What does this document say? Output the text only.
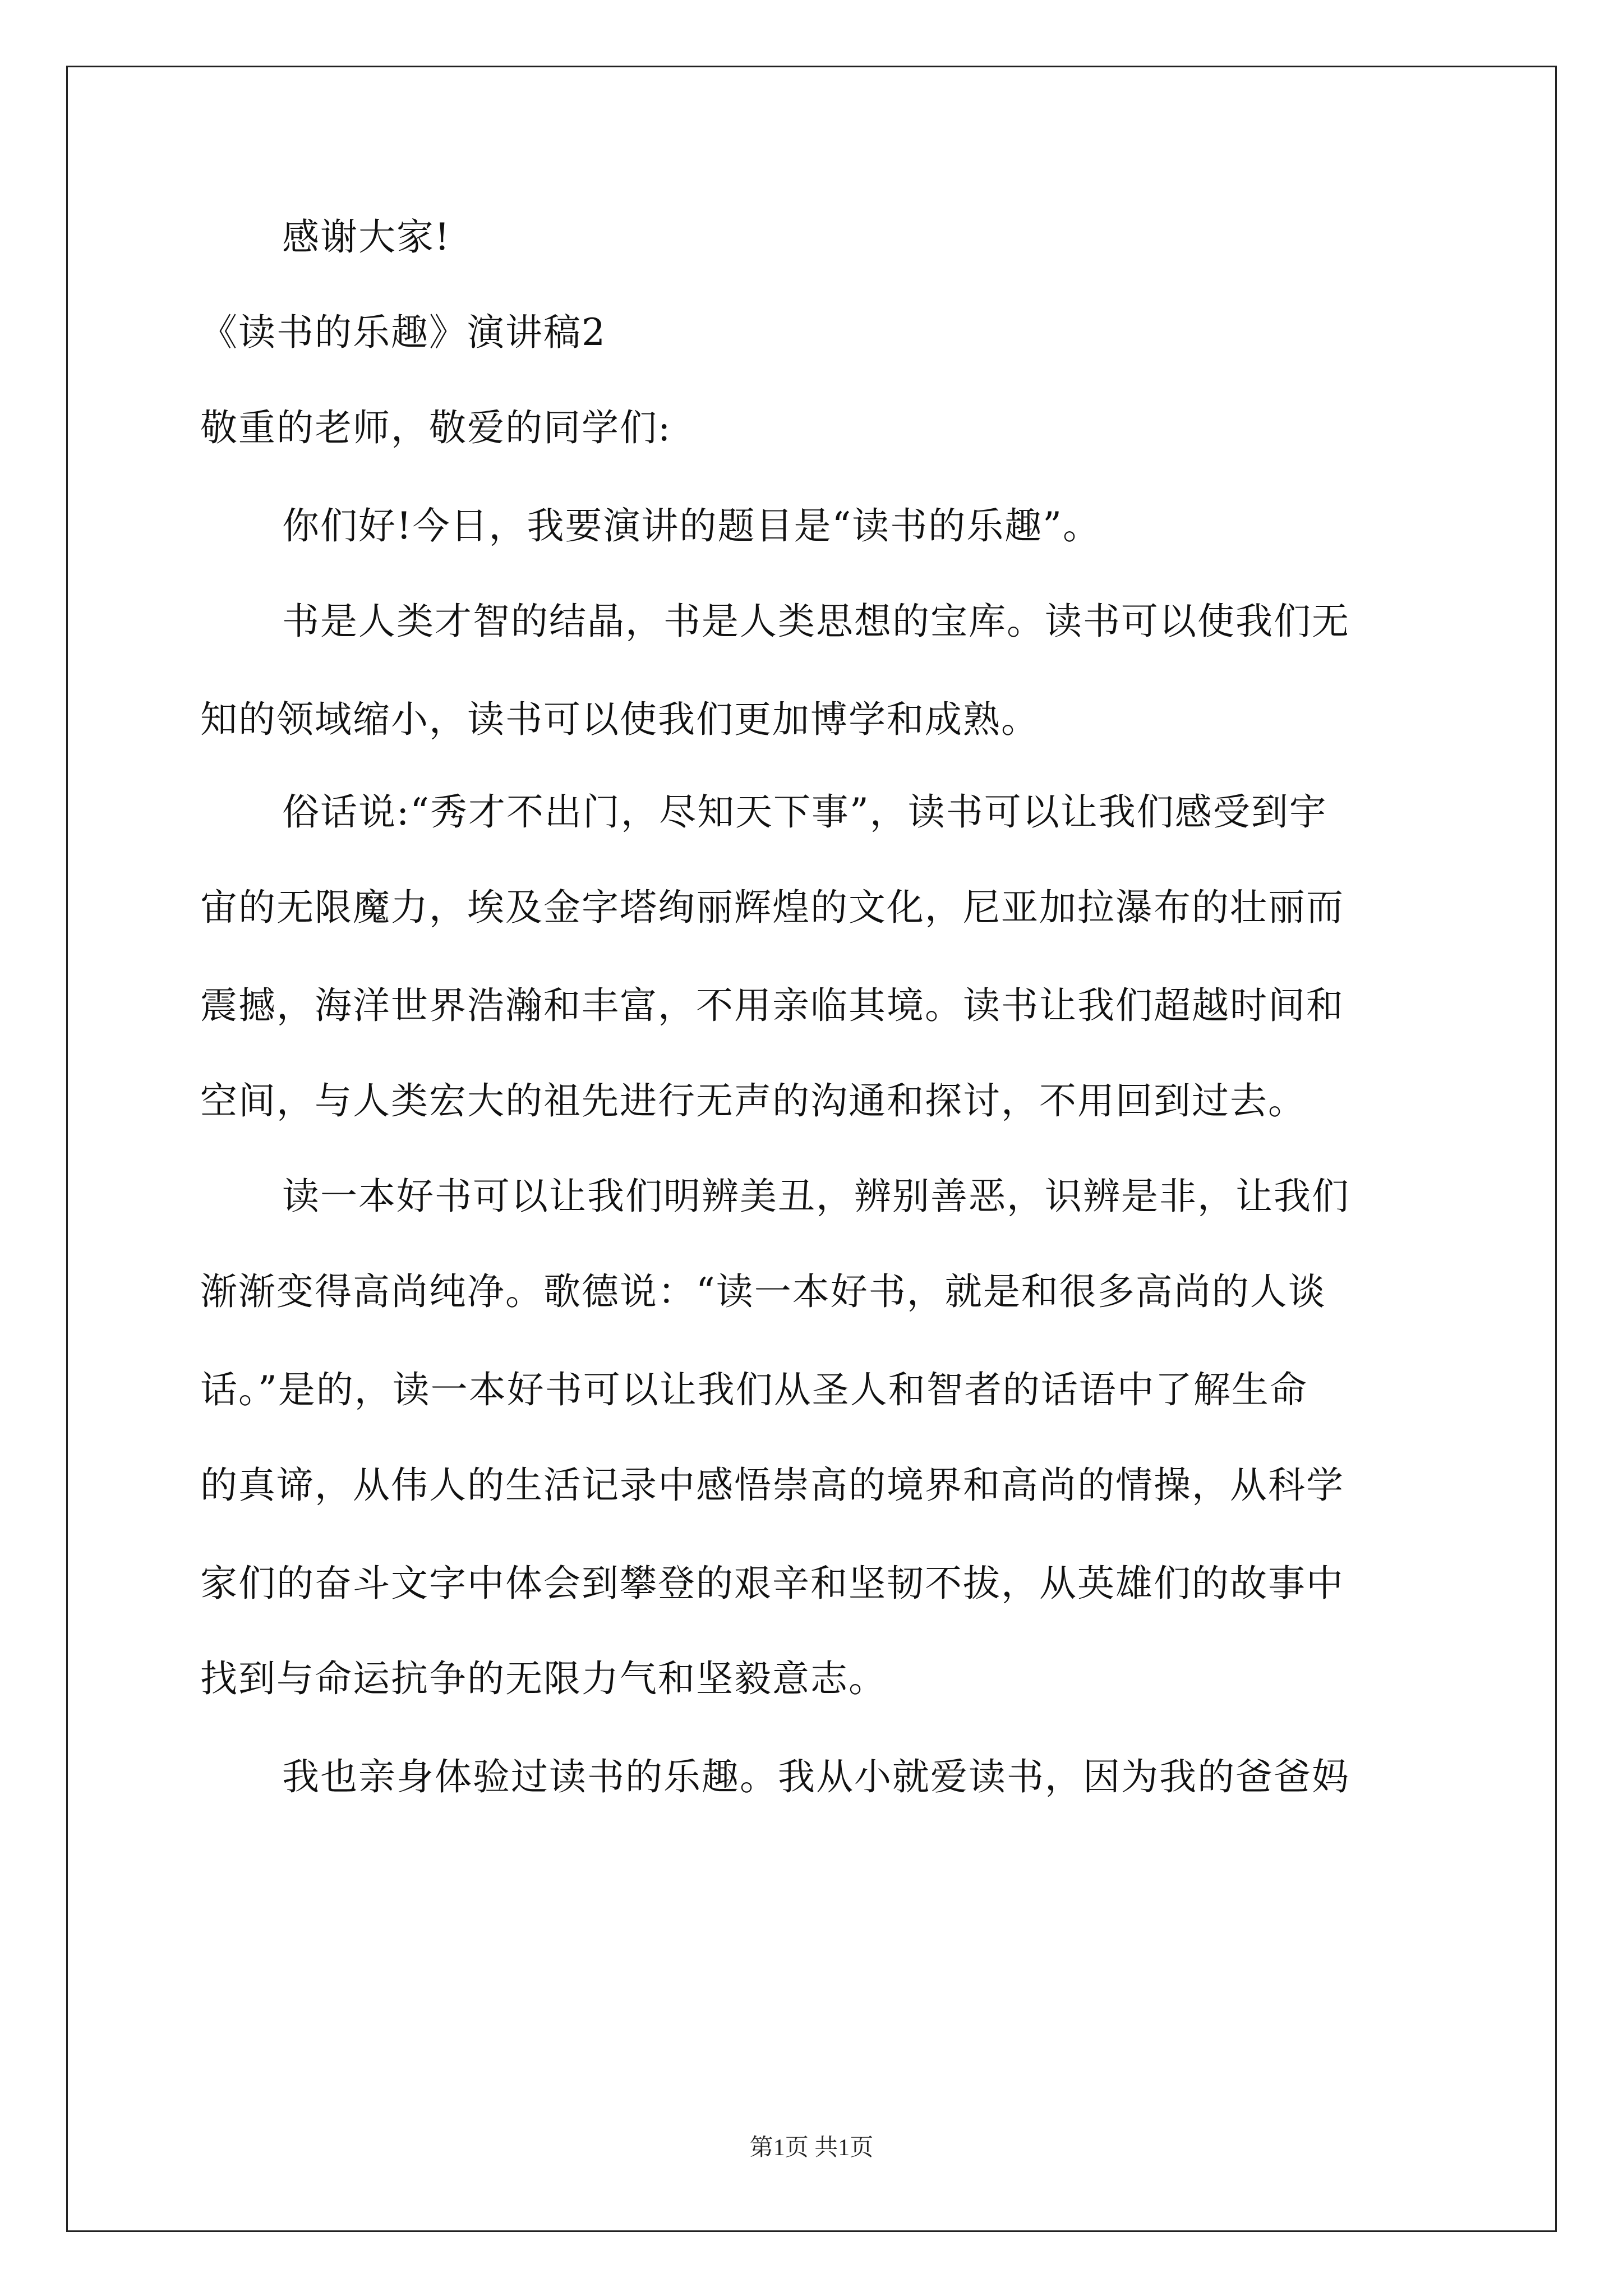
感谢大家!
《读书的乐趣》演讲稿2
敬重的老师，敬爱的同学们:
你们好!今日，我要演讲的题目是“读书的乐趣”。
书是人类才智的结晶，书是人类思想的宝库。读书可以使我们无
知的领域缩小，读书可以使我们更加博学和成熟。
俗话说:“秀才不出门，尽知天下事”，读书可以让我们感受到宇
宙的无限魔力，埃及金字塔绚丽辉煌的文化，尼亚加拉瀑布的壮丽而
震撼，海洋世界浩瀚和丰富，不用亲临其境。读书让我们超越时间和
空间，与人类宏大的祖先进行无声的沟通和探讨，不用回到过去。
读一本好书可以让我们明辨美丑，辨别善恶，识辨是非，让我们
渐渐变得高尚纯净。歌德说：“读一本好书，就是和很多高尚的人谈
话。”是的，读一本好书可以让我们从圣人和智者的话语中了解生命
的真谛，从伟人的生活记录中感悟崇高的境界和高尚的情操，从科学
家们的奋斗文字中体会到攀登的艰辛和坚韧不拔，从英雄们的故事中
找到与命运抗争的无限力气和坚毅意志。
我也亲身体验过读书的乐趣。我从小就爱读书，因为我的爸爸妈
第1页 共1页
